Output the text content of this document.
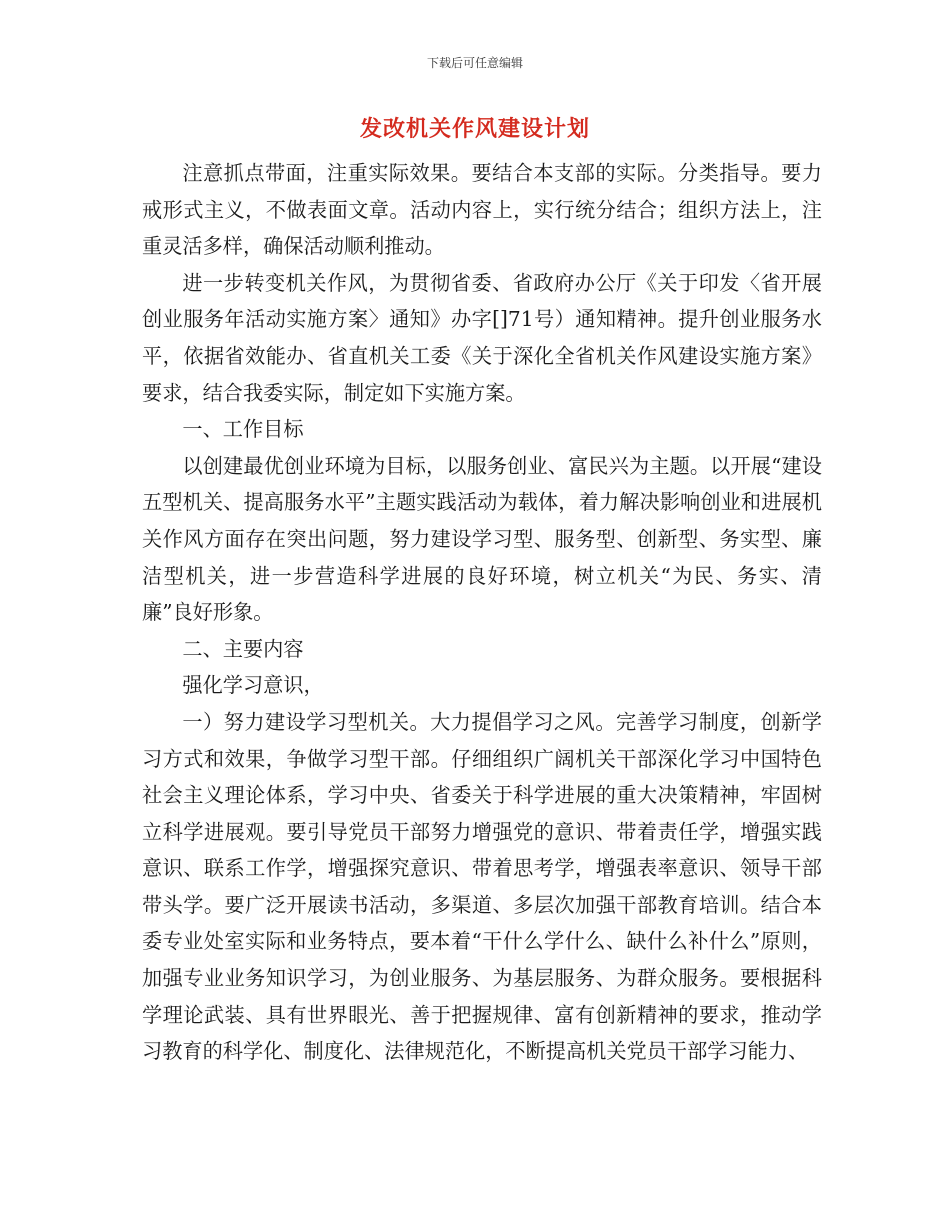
下载后可任意编辑
发改机关作风建设计划

注意抓点带面，注重实际效果。要结合本支部的实际。分类指导。要力戒形式主义，不做表面文章。活动内容上，实行统分结合；组织方法上，注重灵活多样，确保活动顺利推动。

进一步转变机关作风，为贯彻省委、省政府办公厅《关于印发〈省开展创业服务年活动实施方案〉通知》办字[]71号）通知精神。提升创业服务水平，依据省效能办、省直机关工委《关于深化全省机关作风建设实施方案》要求，结合我委实际，制定如下实施方案。

一、工作目标

以创建最优创业环境为目标，以服务创业、富民兴为主题。以开展“建设五型机关、提高服务水平”主题实践活动为载体，着力解决影响创业和进展机关作风方面存在突出问题，努力建设学习型、服务型、创新型、务实型、廉洁型机关，进一步营造科学进展的良好环境，树立机关“为民、务实、清廉”良好形象。

二、主要内容

强化学习意识，

一）努力建设学习型机关。大力提倡学习之风。完善学习制度，创新学习方式和效果，争做学习型干部。仔细组织广阔机关干部深化学习中国特色社会主义理论体系，学习中央、省委关于科学进展的重大决策精神，牢固树立科学进展观。要引导党员干部努力增强党的意识、带着责任学，增强实践意识、联系工作学，增强探究意识、带着思考学，增强表率意识、领导干部带头学。要广泛开展读书活动，多渠道、多层次加强干部教育培训。结合本委专业处室实际和业务特点，要本着“干什么学什么、缺什么补什么”原则，加强专业业务知识学习，为创业服务、为基层服务、为群众服务。要根据科学理论武装、具有世界眼光、善于把握规律、富有创新精神的要求，推动学习教育的科学化、制度化、法律规范化，不断提高机关党员干部学习能力、
